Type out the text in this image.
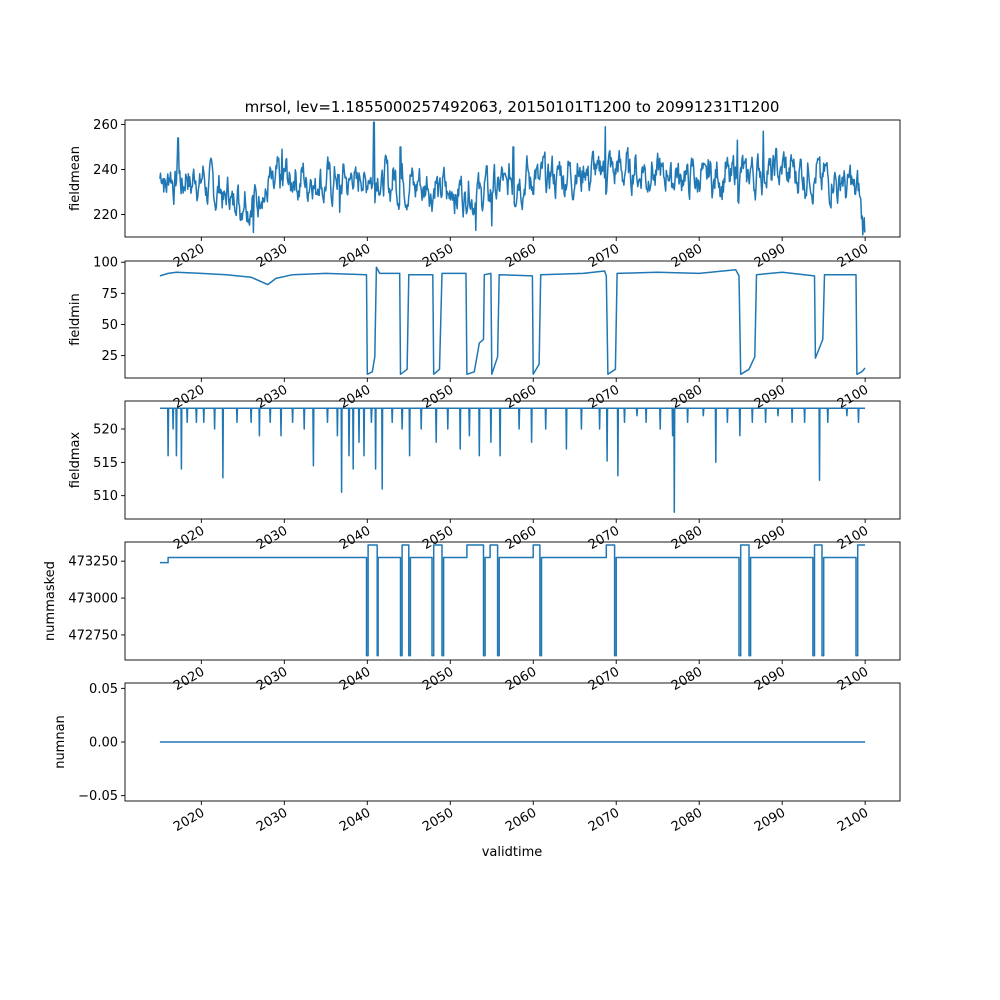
mrsol, lev=1.1855000257492063, 20150101T1200 to 20991231T1200
validtime
220
240
260
fieldmean
2020	2030	2040	2050	2060	2070	2080	2090	2100
25
50
75
100
fieldmin
2020	2030	2040	2050	2060	2070	2080	2090	2100
510
515
520
fieldmax
2020	2030	2040	2050	2060	2070	2080	2090	2100
472750
473000
473250
nummasked
2020	2030	2040	2050	2060	2070	2080	2090	2100
−0.05
0.00
0.05
numnan
2020	2030	2040	2050	2060	2070	2080	2090	2100
